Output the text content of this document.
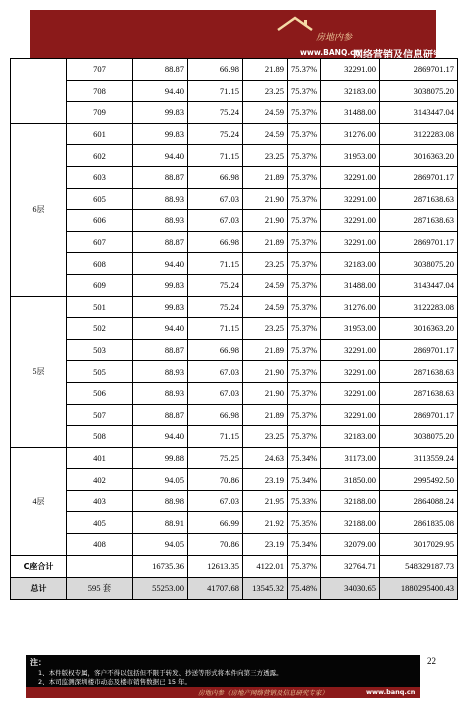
房地内参
www.BANQ.cn
网络营销及信息研究专家
	707	88.87	66.98	21.89	75.37%	32291.00	2869701.17
	708	94.40	71.15	23.25	75.37%	32183.00	3038075.20
	709	99.83	75.24	24.59	75.37%	31488.00	3143447.04
6层	601	99.83	75.24	24.59	75.37%	31276.00	3122283.08
	602	94.40	71.15	23.25	75.37%	31953.00	3016363.20
	603	88.87	66.98	21.89	75.37%	32291.00	2869701.17
	605	88.93	67.03	21.90	75.37%	32291.00	2871638.63
	606	88.93	67.03	21.90	75.37%	32291.00	2871638.63
	607	88.87	66.98	21.89	75.37%	32291.00	2869701.17
	608	94.40	71.15	23.25	75.37%	32183.00	3038075.20
	609	99.83	75.24	24.59	75.37%	31488.00	3143447.04
5层	501	99.83	75.24	24.59	75.37%	31276.00	3122283.08
	502	94.40	71.15	23.25	75.37%	31953.00	3016363.20
	503	88.87	66.98	21.89	75.37%	32291.00	2869701.17
	505	88.93	67.03	21.90	75.37%	32291.00	2871638.63
	506	88.93	67.03	21.90	75.37%	32291.00	2871638.63
	507	88.87	66.98	21.89	75.37%	32291.00	2869701.17
	508	94.40	71.15	23.25	75.37%	32183.00	3038075.20
4层	401	99.88	75.25	24.63	75.34%	31173.00	3113559.24
	402	94.05	70.86	23.19	75.34%	31850.00	2995492.50
	403	88.98	67.03	21.95	75.33%	32188.00	2864088.24
	405	88.91	66.99	21.92	75.35%	32188.00	2861835.08
	408	94.05	70.86	23.19	75.34%	32079.00	3017029.95
C座合计		16735.36	12613.35	4122.01	75.37%	32764.71	548329187.73
总计	595 套	55253.00	41707.68	13545.32	75.48%	34030.65	1880295400.43
22
注：
1、本件版权专属，客户不得以包括但不限于转发、抄送等形式将本件向第三方透露。
2、本司监测深圳楼市动态及楼市销售数据已 15 年。
房地内参（房地产网络营销及信息研究专家）	www.banq.cn
